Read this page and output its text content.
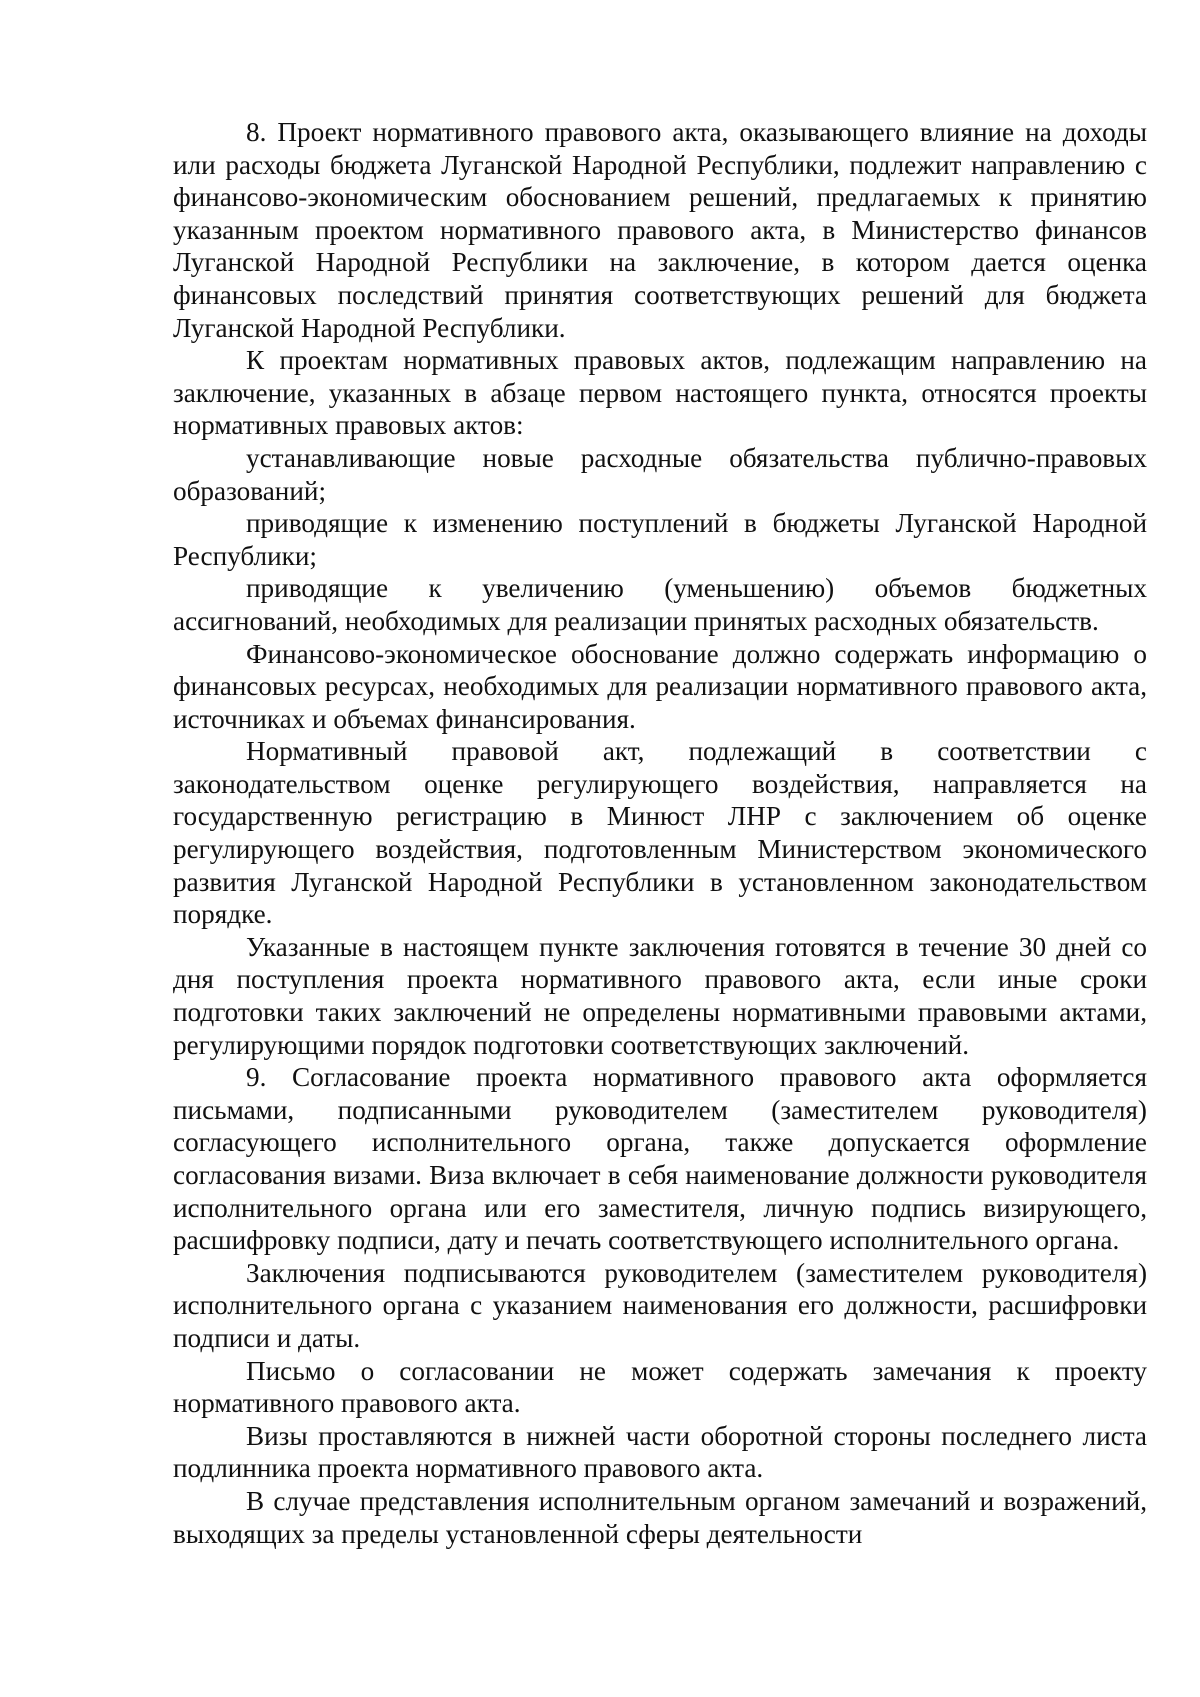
8. Проект нормативного правового акта, оказывающего влияние на доходы или расходы бюджета Луганской Народной Республики, подлежит направлению с финансово-экономическим обоснованием решений, предлагаемых к принятию указанным проектом нормативного правового акта, в Министерство финансов Луганской Народной Республики на заключение, в котором дается оценка финансовых последствий принятия соответствующих решений для бюджета Луганской Народной Республики.

К проектам нормативных правовых актов, подлежащим направлению на заключение, указанных в абзаце первом настоящего пункта, относятся проекты нормативных правовых актов:

устанавливающие новые расходные обязательства публично-правовых образований;

приводящие к изменению поступлений в бюджеты Луганской Народной Республики;

приводящие к увеличению (уменьшению) объемов бюджетных ассигнований, необходимых для реализации принятых расходных обязательств.

Финансово-экономическое обоснование должно содержать информацию о финансовых ресурсах, необходимых для реализации нормативного правового акта, источниках и объемах финансирования.

Нормативный правовой акт, подлежащий в соответствии с законодательством оценке регулирующего воздействия, направляется на государственную регистрацию в Минюст ЛНР с заключением об оценке регулирующего воздействия, подготовленным Министерством экономического развития Луганской Народной Республики в установленном законодательством порядке.

Указанные в настоящем пункте заключения готовятся в течение 30 дней со дня поступления проекта нормативного правового акта, если иные сроки подготовки таких заключений не определены нормативными правовыми актами, регулирующими порядок подготовки соответствующих заключений.

9. Согласование проекта нормативного правового акта оформляется письмами, подписанными руководителем (заместителем руководителя) согласующего исполнительного органа, также допускается оформление согласования визами. Виза включает в себя наименование должности руководителя исполнительного органа или его заместителя, личную подпись визирующего, расшифровку подписи, дату и печать соответствующего исполнительного органа.

Заключения подписываются руководителем (заместителем руководителя) исполнительного органа с указанием наименования его должности, расшифровки подписи и даты.

Письмо о согласовании не может содержать замечания к проекту нормативного правового акта.

Визы проставляются в нижней части оборотной стороны последнего листа подлинника проекта нормативного правового акта.

В случае представления исполнительным органом замечаний и возражений, выходящих за пределы установленной сферы деятельности
